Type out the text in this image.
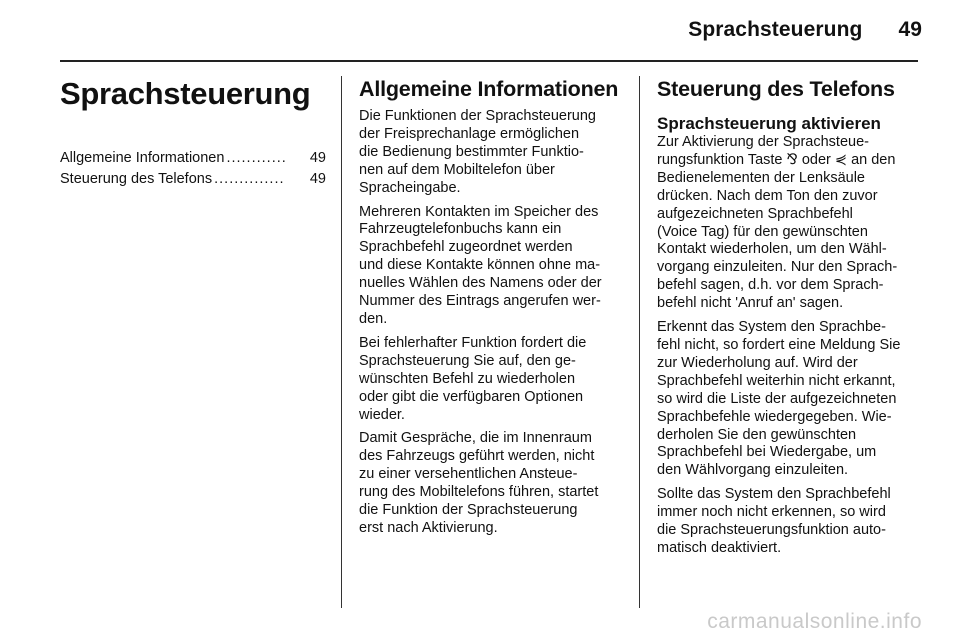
Sprachsteuerung 49
Sprachsteuerung
Allgemeine Informationen ............	49
Steuerung des Telefons ..............	49
Allgemeine Informationen
Die Funktionen der Sprachsteuerung
der Freisprechanlage ermöglichen
die Bedienung bestimmter Funktio-
nen auf dem Mobiltelefon über
Spracheingabe.
Mehreren Kontakten im Speicher des
Fahrzeugtelefonbuchs kann ein
Sprachbefehl zugeordnet werden
und diese Kontakte können ohne ma-
nuelles Wählen des Namens oder der
Nummer des Eintrags angerufen wer-
den.
Bei fehlerhafter Funktion fordert die
Sprachsteuerung Sie auf, den ge-
wünschten Befehl zu wiederholen
oder gibt die verfügbaren Optionen
wieder.
Damit Gespräche, die im Innenraum
des Fahrzeugs geführt werden, nicht
zu einer versehentlichen Ansteue-
rung des Mobiltelefons führen, startet
die Funktion der Sprachsteuerung
erst nach Aktivierung.
Steuerung des Telefons
Sprachsteuerung aktivieren
Zur Aktivierung der Sprachsteue-
rungsfunktion Taste ⅋ oder ⋞ an den
Bedienelementen der Lenksäule
drücken. Nach dem Ton den zuvor
aufgezeichneten Sprachbefehl
(Voice Tag) für den gewünschten
Kontakt wiederholen, um den Wähl-
vorgang einzuleiten. Nur den Sprach-
befehl sagen, d.h. vor dem Sprach-
befehl nicht 'Anruf an' sagen.
Erkennt das System den Sprachbe-
fehl nicht, so fordert eine Meldung Sie
zur Wiederholung auf. Wird der
Sprachbefehl weiterhin nicht erkannt,
so wird die Liste der aufgezeichneten
Sprachbefehle wiedergegeben. Wie-
derholen Sie den gewünschten
Sprachbefehl bei Wiedergabe, um
den Wählvorgang einzuleiten.
Sollte das System den Sprachbefehl
immer noch nicht erkennen, so wird
die Sprachsteuerungsfunktion auto-
matisch deaktiviert.
carmanualsonline.info
